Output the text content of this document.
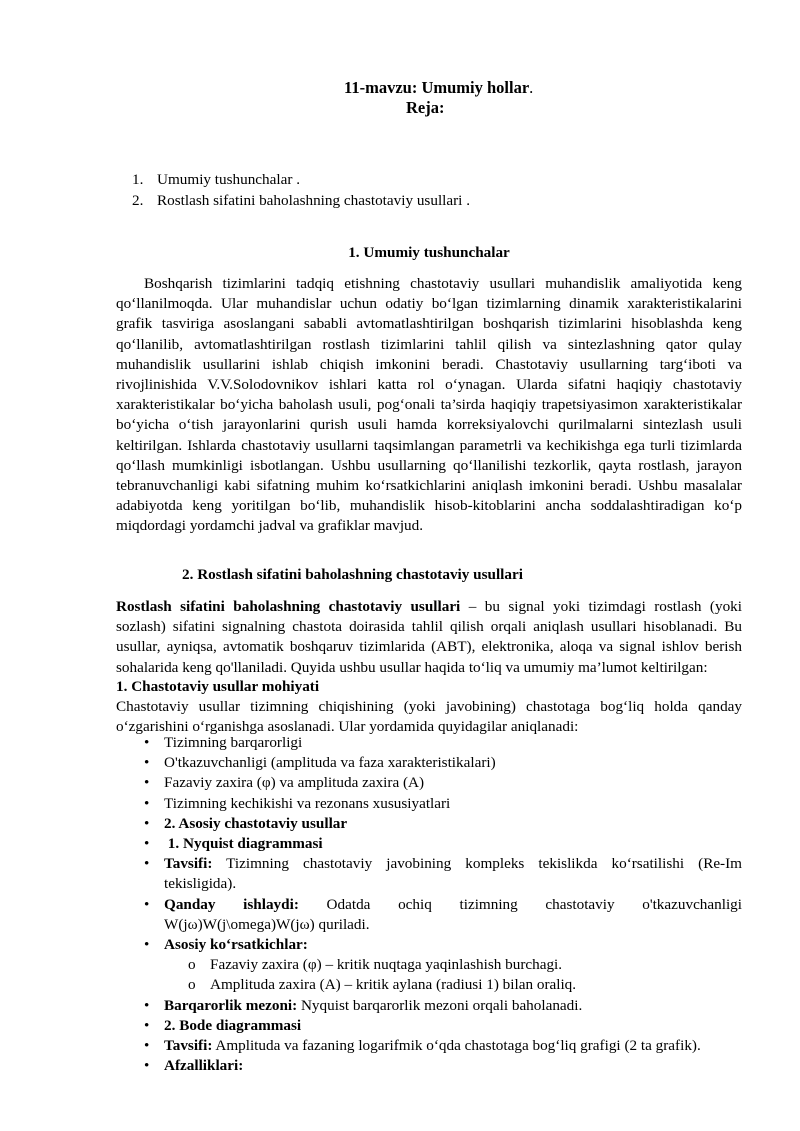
11-mavzu: Umumiy hollar.
Reja:
1. Umumiy tushunchalar .
2. Rostlash sifatini baholashning chastotaviy usullari .
1. Umumiy tushunchalar

Boshqarish tizimlarini tadqiq etishning chastotaviy usullari muhandislik amaliyotida keng qo‘llanilmoqda. Ular muhandislar uchun odatiy bo‘lgan tizimlarning dinamik xarakteristikalarini grafik tasviriga asoslangani sababli avtomatlashtirilgan boshqarish tizimlarini hisoblashda keng qo‘llanilib, avtomatlashtirilgan rostlash tizimlarini tahlil qilish va sintezlashning qator qulay muhandislik usullarini ishlab chiqish imkonini beradi. Chastotaviy usullarning targ‘iboti va rivojlinishida V.V.Solodovnikov ishlari katta rol o‘ynagan. Ularda sifatni haqiqiy chastotaviy xarakteristikalar bo‘yicha baholash usuli, pog‘onali ta’sirda haqiqiy trapetsiyasimon xarakteristikalar bo‘yicha o‘tish jarayonlarini qurish usuli hamda korreksiyalovchi qurilmalarni sintezlash usuli keltirilgan. Ishlarda chastotaviy usullarni taqsimlangan parametrli va kechikishga ega turli tizimlarda qo‘llash mumkinligi isbotlangan. Ushbu usullarning qo‘llanilishi tezkorlik, qayta rostlash, jarayon tebranuvchanligi kabi sifatning muhim ko‘rsatkichlarini aniqlash imkonini beradi. Ushbu masalalar adabiyotda keng yoritilgan bo‘lib, muhandislik hisob-kitoblarini ancha soddalashtiradigan ko‘p miqdordagi yordamchi jadval va grafiklar mavjud.

2. Rostlash sifatini baholashning chastotaviy usullari

Rostlash sifatini baholashning chastotaviy usullari – bu signal yoki tizimdagi rostlash (yoki sozlash) sifatini signalning chastota doirasida tahlil qilish orqali aniqlash usullari hisoblanadi. Bu usullar, ayniqsa, avtomatik boshqaruv tizimlarida (ABT), elektronika, aloqa va signal ishlov berish sohalarida keng qo'llaniladi. Quyida ushbu usullar haqida to‘liq va umumiy ma’lumot keltirilgan:

1. Chastotaviy usullar mohiyati

Chastotaviy usullar tizimning chiqishining (yoki javobining) chastotaga bog‘liq holda qanday o‘zgarishini o‘rganishga asoslanadi. Ular yordamida quyidagilar aniqlanadi:

• Tizimning barqarorligi
• O'tkazuvchanligi (amplituda va faza xarakteristikalari)
• Fazaviy zaxira (φ) va amplituda zaxira (A)
• Tizimning kechikishi va rezonans xususiyatlari
• 2. Asosiy chastotaviy usullar
• 1. Nyquist diagrammasi
• Tavsifi: Tizimning chastotaviy javobining kompleks tekislikda ko‘rsatilishi (Re-Im tekisligida).
• Qanday ishlaydi: Odatda ochiq tizimning chastotaviy o'tkazuvchanligi
W(jω)W(j\omega)W(jω) quriladi.
• Asosiy ko‘rsatkichlar:
o Fazaviy zaxira (φ) – kritik nuqtaga yaqinlashish burchagi.
o Amplituda zaxira (A) – kritik aylana (radiusi 1) bilan oraliq.
• Barqarorlik mezoni: Nyquist barqarorlik mezoni orqali baholanadi.
• 2. Bode diagrammasi
• Tavsifi: Amplituda va fazaning logarifmik o‘qda chastotaga bog‘liq grafigi (2 ta grafik).
• Afzalliklari:
